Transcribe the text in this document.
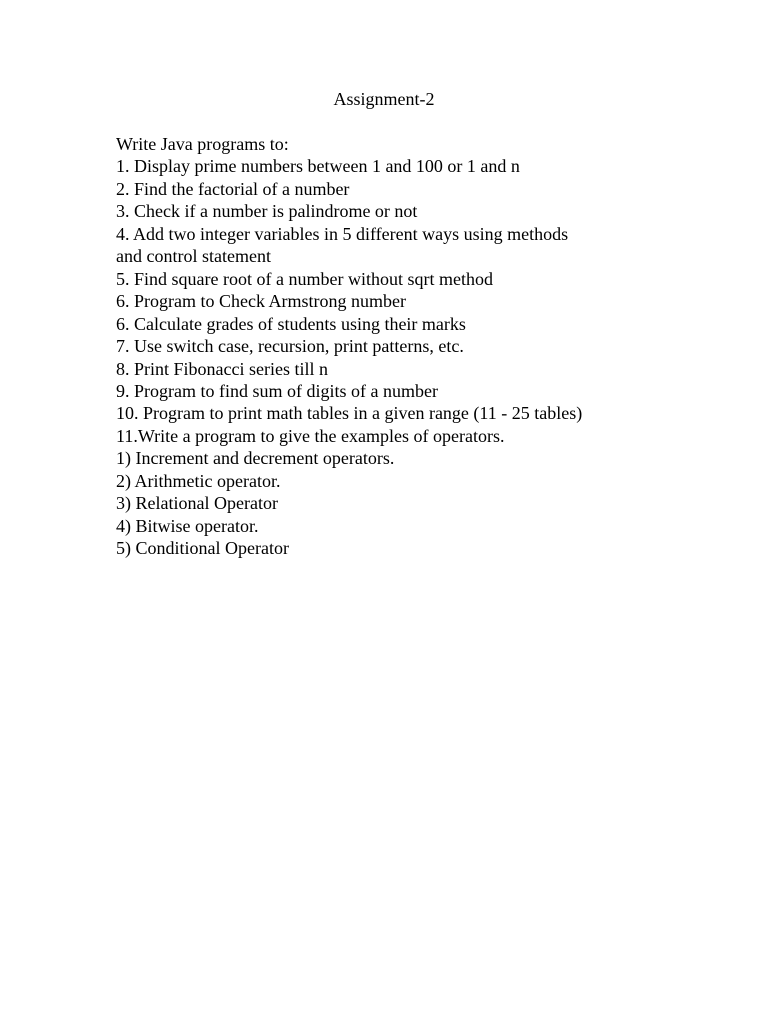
Assignment-2
Write Java programs to:
1. Display prime numbers between 1 and 100 or 1 and n
2. Find the factorial of a number
3. Check if a number is palindrome or not
4. Add two integer variables in 5 different ways using methods
and control statement
5. Find square root of a number without sqrt method
6. Program to Check Armstrong number
6. Calculate grades of students using their marks
7. Use switch case, recursion, print patterns, etc.
8. Print Fibonacci series till n
9. Program to find sum of digits of a number
10. Program to print math tables in a given range (11 - 25 tables)
11.Write a program to give the examples of operators.
1) Increment and decrement operators.
2) Arithmetic operator.
3) Relational Operator
4) Bitwise operator.
5) Conditional Operator
